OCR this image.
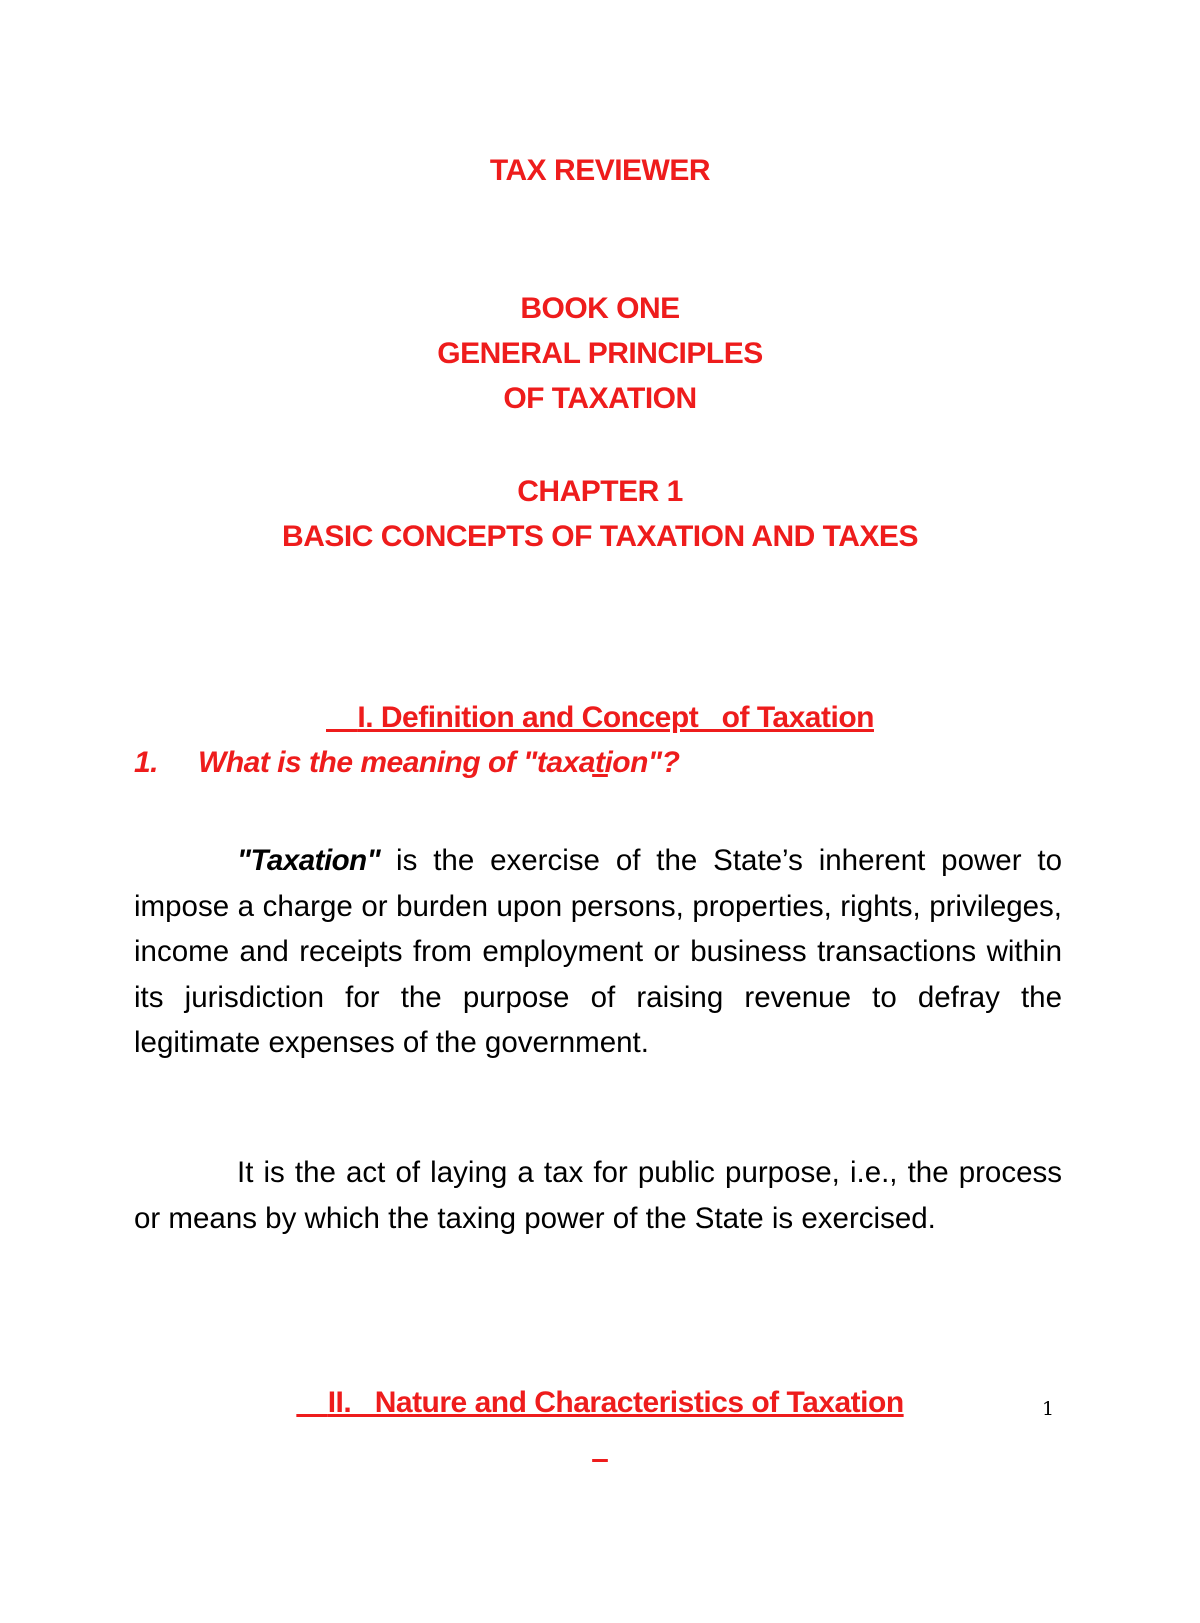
TAX REVIEWER
BOOK ONE
GENERAL PRINCIPLES
OF TAXATION
CHAPTER 1
BASIC CONCEPTS OF TAXATION AND TAXES

I. Definition and Concept   of Taxation

1. What is the meaning of "taxation"?
"Taxation" is the exercise of the State’s inherent power to impose a charge or burden upon persons, properties, rights, privileges, income and receipts from employment or business transactions within its jurisdiction for the purpose of raising revenue to defray the legitimate expenses of the government.
It is the act of laying a tax for public purpose, i.e., the process or means by which the taxing power of the State is exercised.

II.   Nature and Characteristics of Taxation
	1
